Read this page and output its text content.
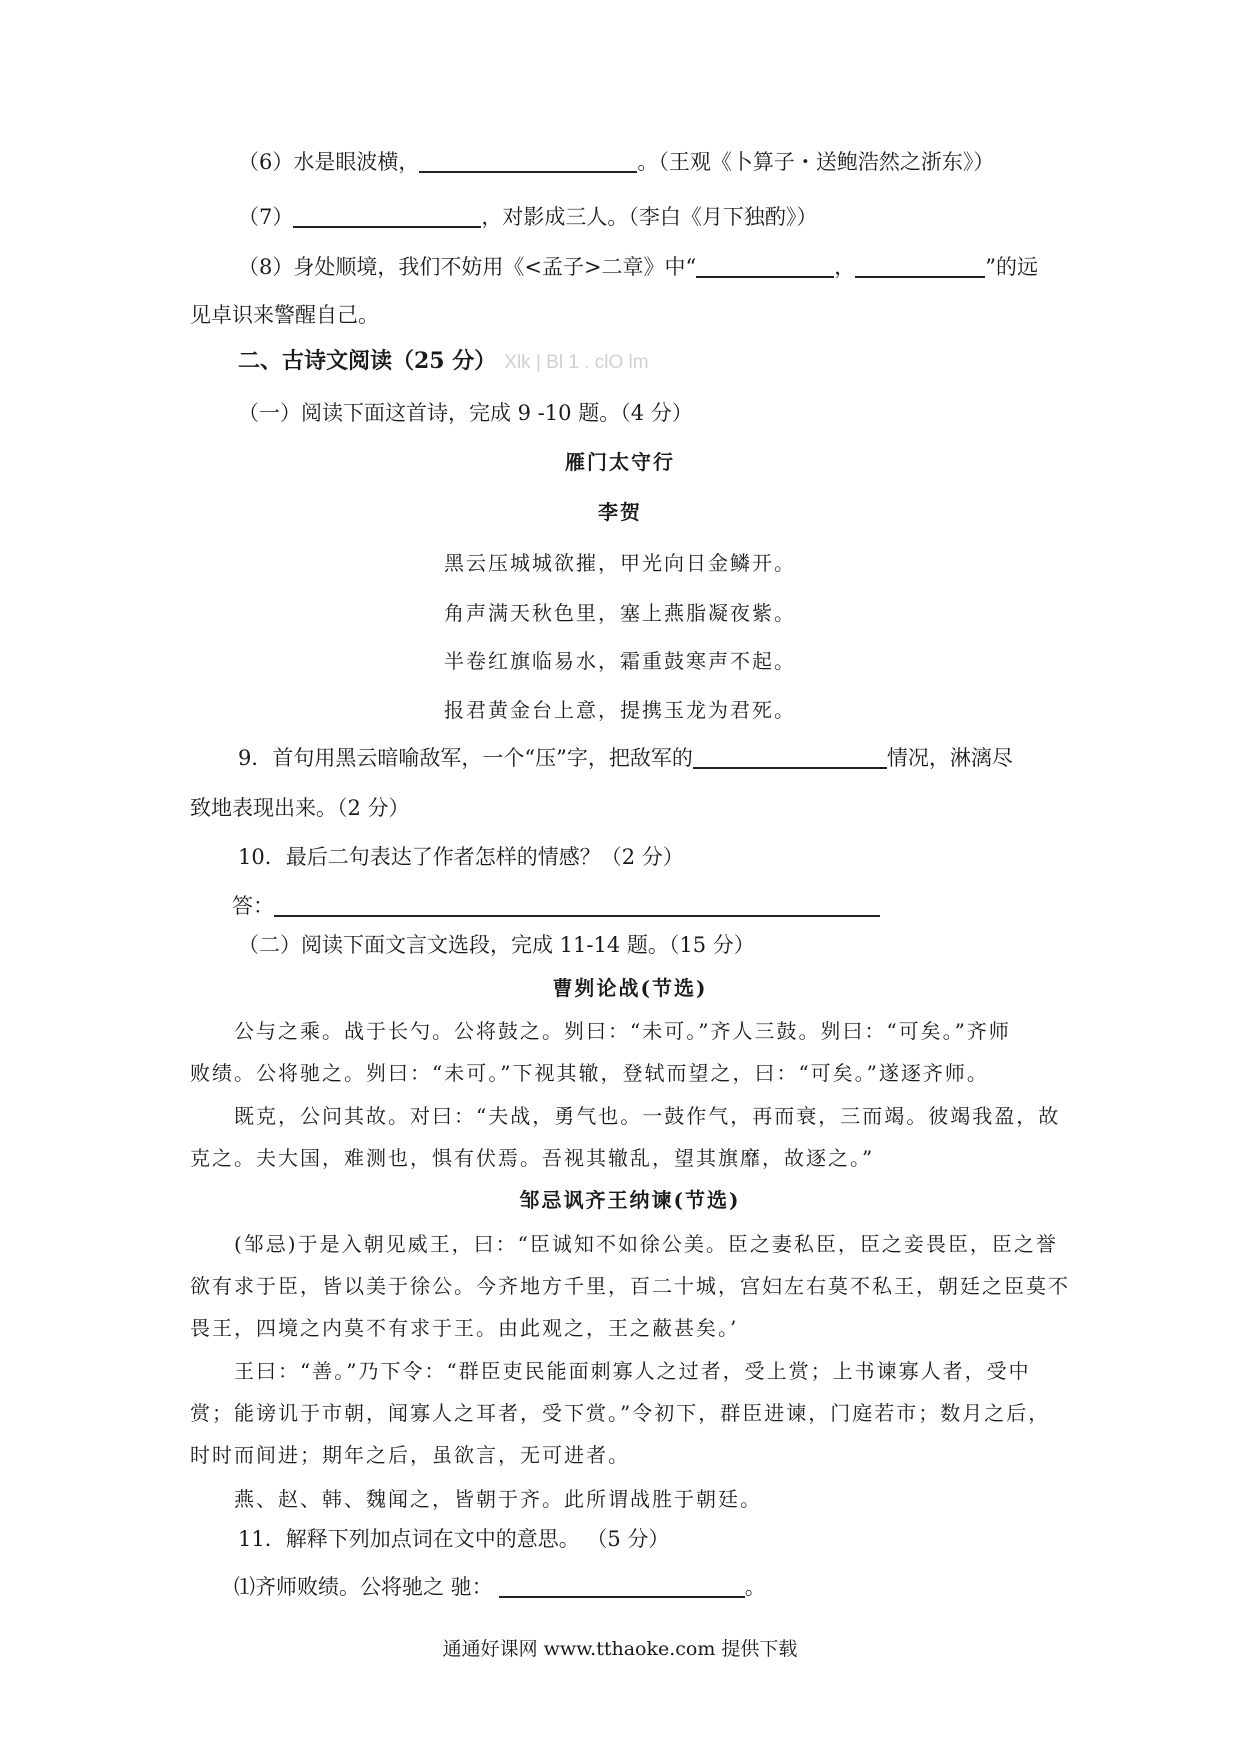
（6）水是眼波横，	。（王观《卜算子・送鲍浩然之浙东》）
（7）	，对影成三人。（李白《月下独酌》）
（8）身处顺境，我们不妨用《<孟子>二章》中“	，	”的远
见卓识来警醒自己。
二、古诗文阅读（25 分） Xlk | Bl 1 . clO lm
（一）阅读下面这首诗，完成 9 -10 题。（4 分）
雁门太守行
李贺
黑云压城城欲摧，甲光向日金鳞开。
角声满天秋色里，塞上燕脂凝夜紫。
半卷红旗临易水，霜重鼓寒声不起。
报君黄金台上意，提携玉龙为君死。
9．首句用黑云暗喻敌军，一个“压”字，把敌军的	情况，淋漓尽
致地表现出来。（2 分）
10．最后二句表达了作者怎样的情感？（2 分）
答：
（二）阅读下面文言文选段，完成 11-14 题。（15 分）
曹刿论战(节选)
公与之乘。战于长勺。公将鼓之。刿曰：“未可。”齐人三鼓。刿曰：“可矣。”齐师
败绩。公将驰之。刿曰：“未可。”下视其辙，登轼而望之，曰：“可矣。”遂逐齐师。
既克，公问其故。对曰：“夫战，勇气也。一鼓作气，再而衰，三而竭。彼竭我盈，故
克之。夫大国，难测也，惧有伏焉。吾视其辙乱，望其旗靡，故逐之。”
邹忌讽齐王纳谏(节选)
(邹忌)于是入朝见威王，曰：“臣诚知不如徐公美。臣之妻私臣，臣之妾畏臣，臣之誉
欲有求于臣，皆以美于徐公。今齐地方千里，百二十城，宫妇左右莫不私王，朝廷之臣莫不
畏王，四境之内莫不有求于王。由此观之，王之蔽甚矣。’
王曰：“善。”乃下令：“群臣吏民能面刺寡人之过者，受上赏；上书谏寡人者，受中
赏；能谤讥于市朝，闻寡人之耳者，受下赏。”令初下，群臣进谏，门庭若市；数月之后，
时时而间进；期年之后，虽欲言，无可进者。
燕、赵、韩、魏闻之，皆朝于齐。此所谓战胜于朝廷。
11．解释下列加点词在文中的意思。 （5 分）
⑴齐师败绩。公将驰之 驰：	。
通通好课网 www.tthaoke.com 提供下载
